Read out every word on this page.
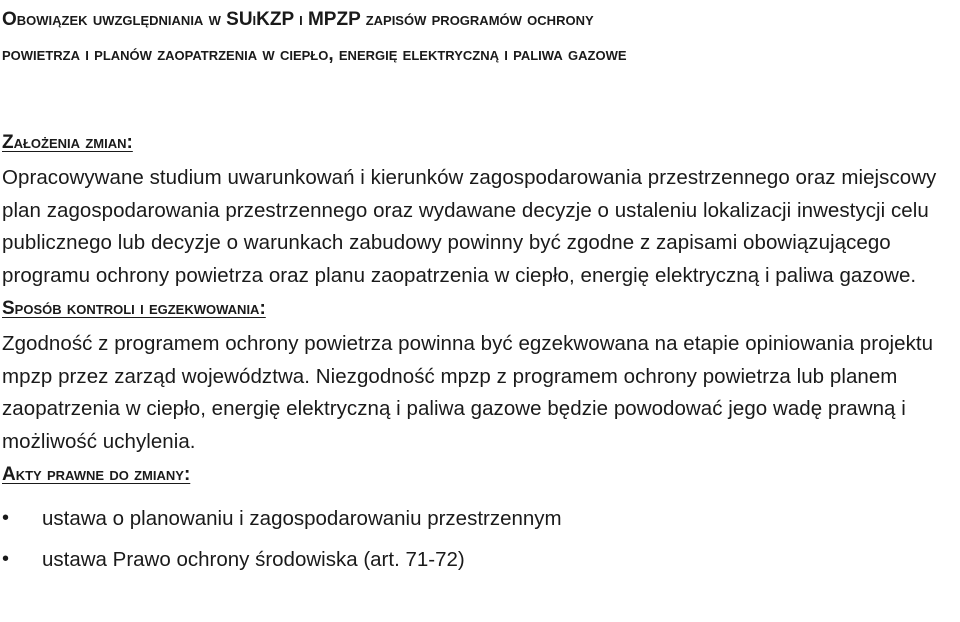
Obowiązek uwzględniania w SUiKZP i MPZP zapisów programów ochrony
powietrza i planów zaopatrzenia w ciepło, energię elektryczną i paliwa gazowe
Założenia zmian:

Opracowywane studium uwarunkowań i kierunków zagospodarowania przestrzennego oraz miejscowy plan zagospodarowania przestrzennego oraz wydawane decyzje o ustaleniu lokalizacji inwestycji celu publicznego lub decyzje o warunkach zabudowy powinny być zgodne z zapisami obowiązującego programu ochrony powietrza oraz planu zaopatrzenia w ciepło, energię elektryczną i paliwa gazowe.

Sposób kontroli i egzekwowania:

Zgodność z programem ochrony powietrza powinna być egzekwowana na etapie opiniowania projektu mpzp przez zarząd województwa. Niezgodność mpzp z programem ochrony powietrza lub planem zaopatrzenia w ciepło, energię elektryczną i paliwa gazowe będzie powodować jego wadę prawną i możliwość uchylenia.

Akty prawne do zmiany:
• ustawa o planowaniu i zagospodarowaniu przestrzennym
• ustawa Prawo ochrony środowiska (art. 71-72)
